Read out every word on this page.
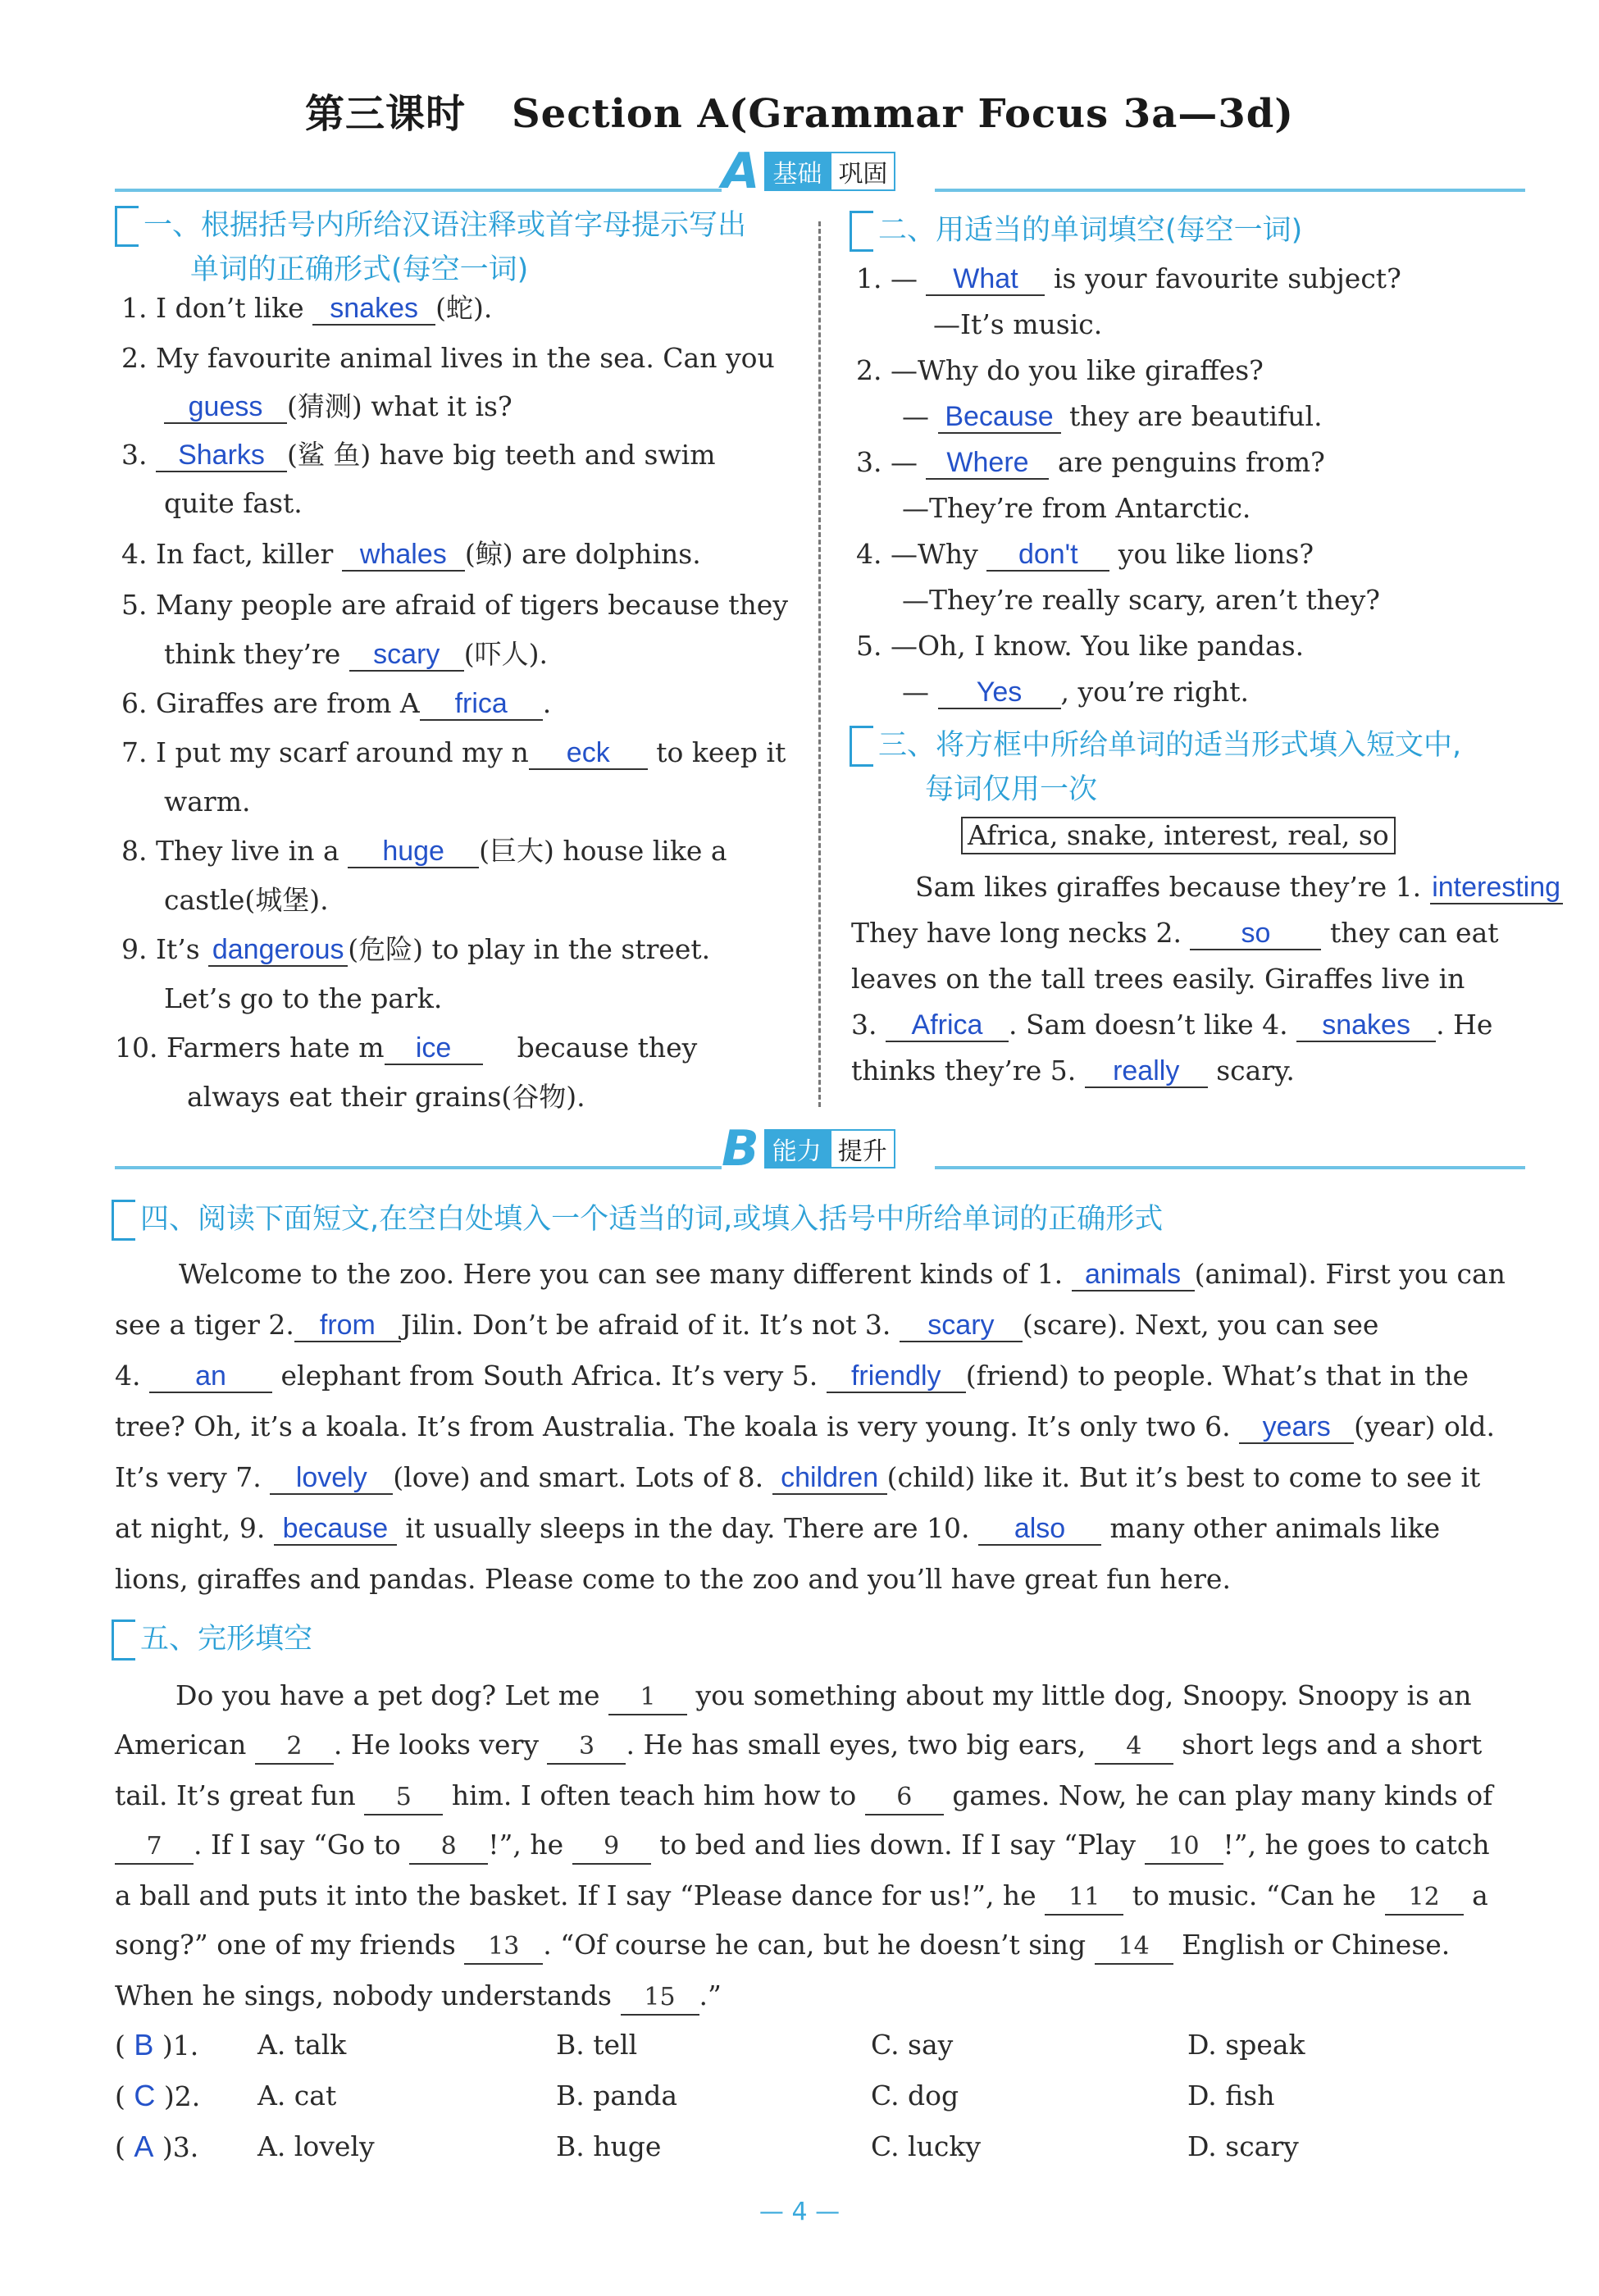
第三课时 Section A(Grammar Focus 3a—3d)
A 基础 巩固
一、根据括号内所给汉语注释或首字母提示写出
单词的正确形式(每空一词)
1. I don’t like snakes (蛇).
2. My favourite animal lives in the sea. Can you
guess (猜测) what it is?
3. Sharks (鲨 鱼) have big teeth and swim
quite fast.
4. In fact, killer whales (鲸) are dolphins.
5. Many people are afraid of tigers because they
think they’re scary (吓人).
6. Giraffes are from A frica .
7. I put my scarf around my n eck to keep it
warm.
8. They live in a huge (巨大) house like a
castle(城堡).
9. It’s dangerous (危险) to play in the street.
Let’s go to the park.
10. Farmers hate m ice because they
always eat their grains(谷物).
二、用适当的单词填空(每空一词)
1. — What is your favourite subject?
—It’s music.
2. —Why do you like giraffes?
— Because they are beautiful.
3. — Where are penguins from?
—They’re from Antarctic.
4. —Why don't you like lions?
—They’re really scary, aren’t they?
5. —Oh, I know. You like pandas.
— Yes , you’re right.
三、将方框中所给单词的适当形式填入短文中,
每词仅用一次
Africa, snake, interest, real, so
Sam likes giraffes because they’re 1. interesting
They have long necks 2. so they can eat
leaves on the tall trees easily. Giraffes live in
3. Africa . Sam doesn’t like 4. snakes . He
thinks they’re 5. really scary.
B 能力 提升
四、阅读下面短文,在空白处填入一个适当的词,或填入括号中所给单词的正确形式
Welcome to the zoo. Here you can see many different kinds of 1. animals (animal). First you can
see a tiger 2. from Jilin. Don’t be afraid of it. It’s not 3. scary (scare). Next, you can see
4. an elephant from South Africa. It’s very 5. friendly (friend) to people. What’s that in the
tree? Oh, it’s a koala. It’s from Australia. The koala is very young. It’s only two 6. years (year) old.
It’s very 7. lovely (love) and smart. Lots of 8. children (child) like it. But it’s best to come to see it
at night, 9. because it usually sleeps in the day. There are 10. also many other animals like
lions, giraffes and pandas. Please come to the zoo and you’ll have great fun here.
五、完形填空
Do you have a pet dog? Let me 1 you something about my little dog, Snoopy. Snoopy is an
American 2 . He looks very 3 . He has small eyes, two big ears, 4 short legs and a short
tail. It’s great fun 5 him. I often teach him how to 6 games. Now, he can play many kinds of
7 . If I say “Go to 8 !”, he 9 to bed and lies down. If I say “Play 10 !”, he goes to catch
a ball and puts it into the basket. If I say “Please dance for us!”, he 11 to music. “Can he 12 a
song?” one of my friends 13 . “Of course he can, but he doesn’t sing 14 English or Chinese.
When he sings, nobody understands 15 .”
( B )1. A. talk	B. tell	C. say	D. speak
( C )2. A. cat	B. panda	C. dog	D. fish
( A )3. A. lovely	B. huge	C. lucky	D. scary
— 4 —
